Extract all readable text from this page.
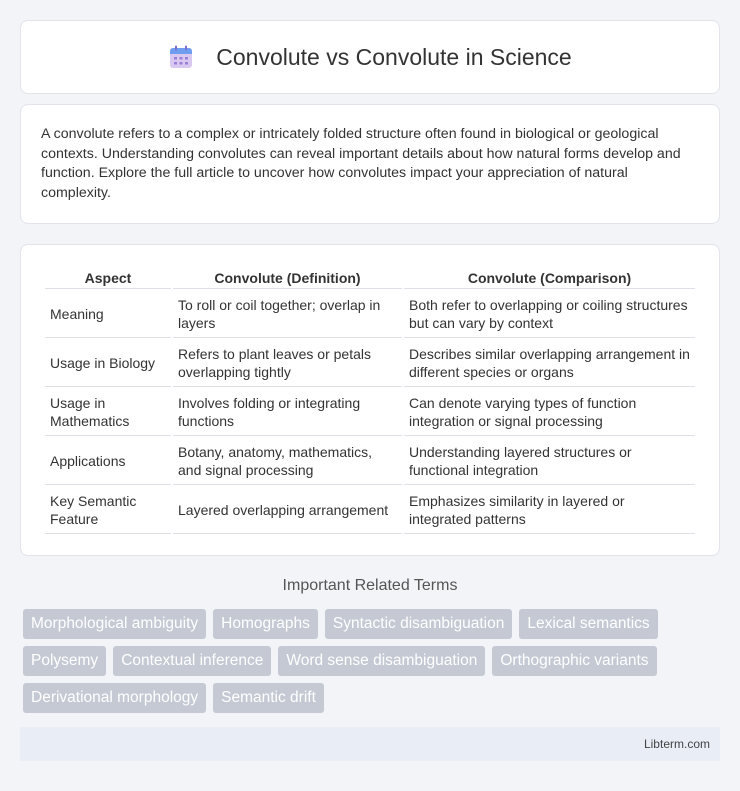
Convolute vs Convolute in Science

A convolute refers to a complex or intricately folded structure often found in biological or geological contexts. Understanding convolutes can reveal important details about how natural forms develop and function. Explore the full article to uncover how convolutes impact your appreciation of natural complexity.

Aspect	Convolute (Definition)	Convolute (Comparison)
Meaning	To roll or coil together; overlap in layers	Both refer to overlapping or coiling structures but can vary by context
Usage in Biology	Refers to plant leaves or petals overlapping tightly	Describes similar overlapping arrangement in different species or organs
Usage in Mathematics	Involves folding or integrating functions	Can denote varying types of function integration or signal processing
Applications	Botany, anatomy, mathematics, and signal processing	Understanding layered structures or functional integration
Key Semantic Feature	Layered overlapping arrangement	Emphasizes similarity in layered or integrated patterns
Important Related Terms
Morphological ambiguity	Homographs	Syntactic disambiguation	Lexical semantics
Polysemy	Contextual inference	Word sense disambiguation	Orthographic variants
Derivational morphology	Semantic drift
Libterm.com
